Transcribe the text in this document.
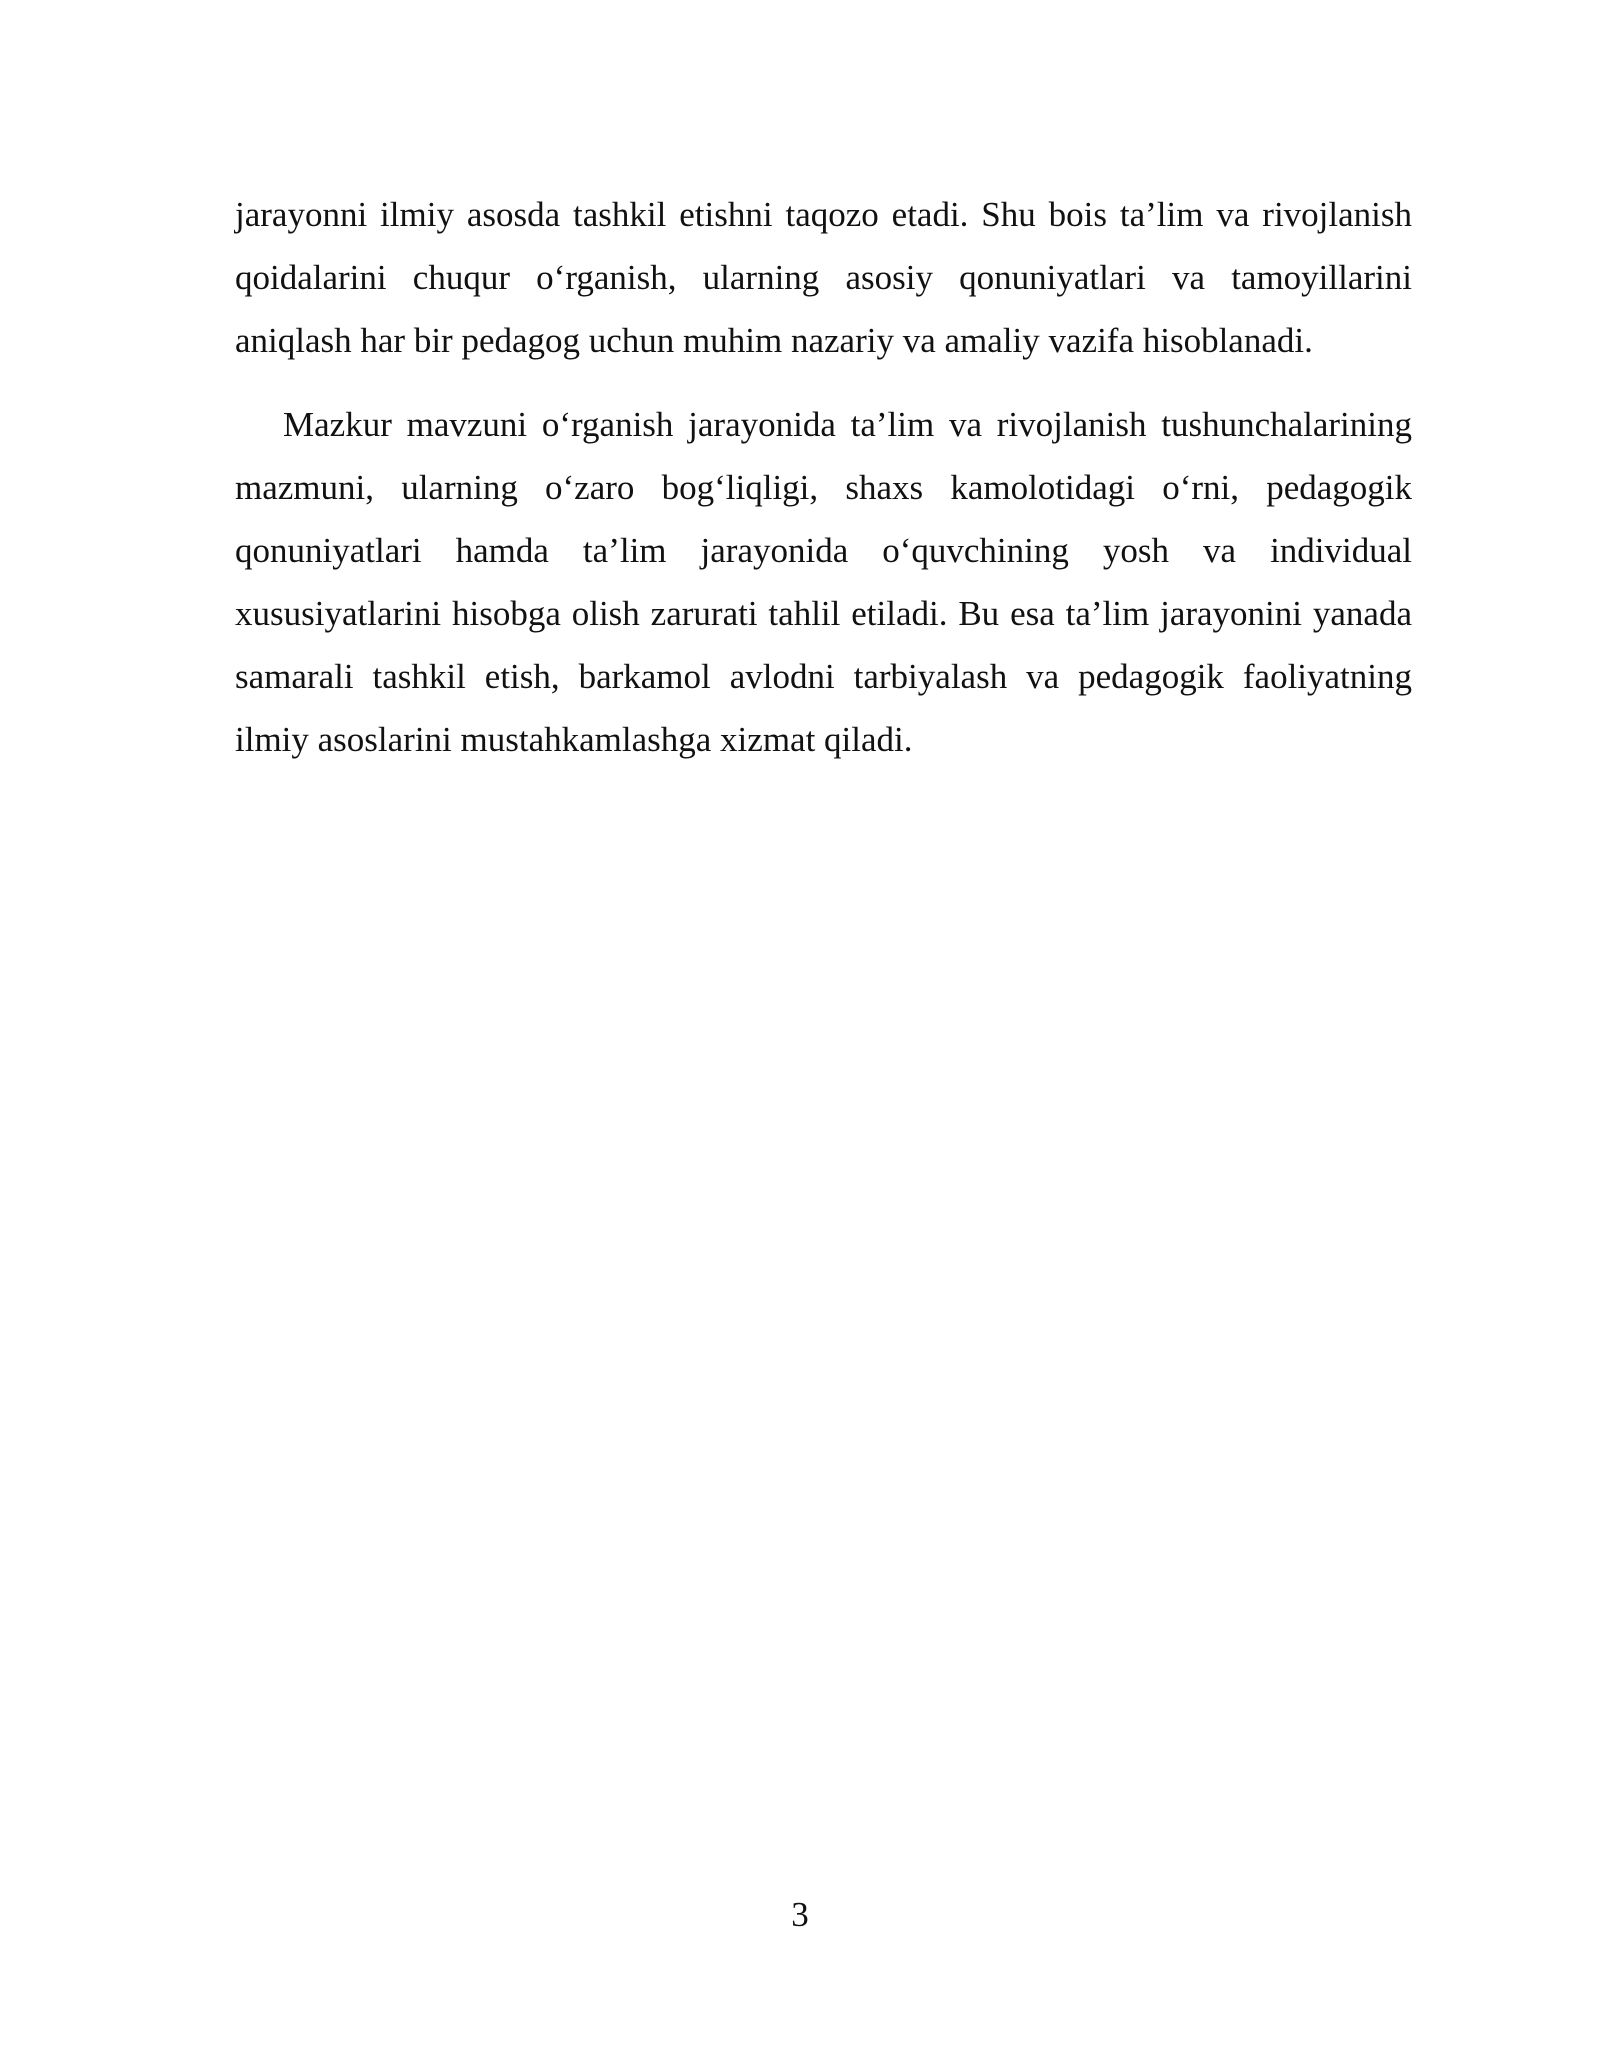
jarayonni ilmiy asosda tashkil etishni taqozo etadi. Shu bois ta’lim va rivojlanish qoidalarini chuqur o‘rganish, ularning asosiy qonuniyatlari va tamoyillarini aniqlash har bir pedagog uchun muhim nazariy va amaliy vazifa hisoblanadi.

Mazkur mavzuni o‘rganish jarayonida ta’lim va rivojlanish tushunchalarining mazmuni, ularning o‘zaro bog‘liqligi, shaxs kamolotidagi o‘rni, pedagogik qonuniyatlari hamda ta’lim jarayonida o‘quvchining yosh va individual xususiyatlarini hisobga olish zarurati tahlil etiladi. Bu esa ta’lim jarayonini yanada samarali tashkil etish, barkamol avlodni tarbiyalash va pedagogik faoliyatning ilmiy asoslarini mustahkamlashga xizmat qiladi.

3
